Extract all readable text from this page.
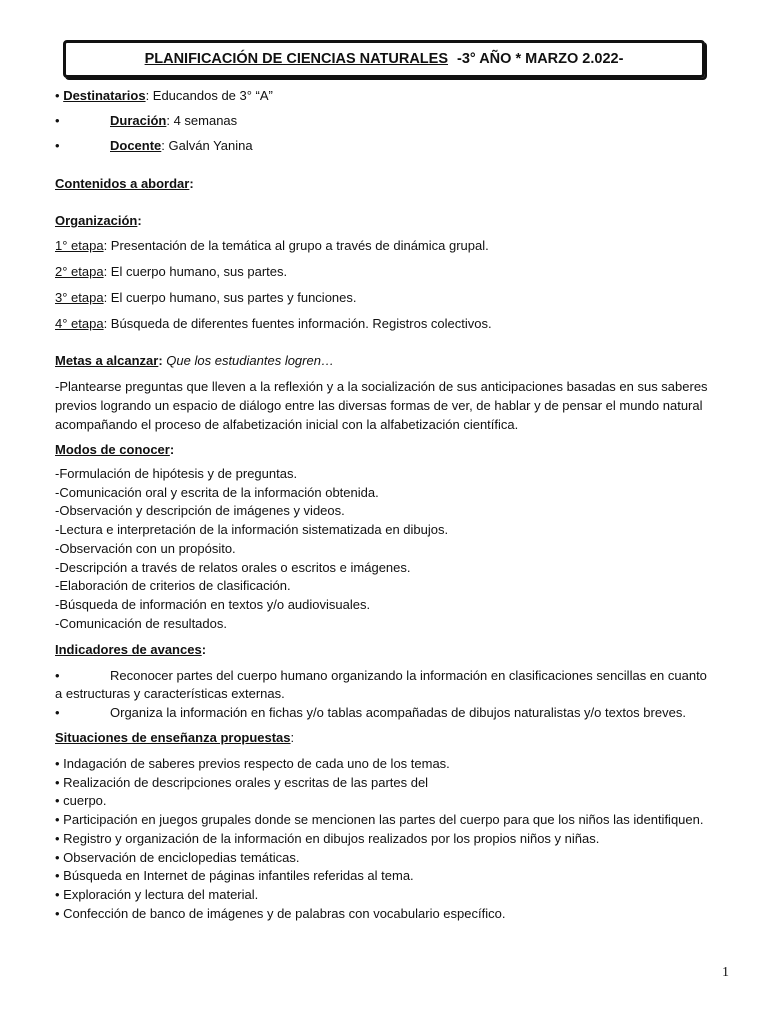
PLANIFICACIÓN DE CIENCIAS NATURALES -3° AÑO * MARZO 2.022-
• Destinatarios: Educandos de 3° “A”
•	Duración: 4 semanas
•	Docente: Galván Yanina
Contenidos a abordar:
Organización:
1° etapa: Presentación de la temática al grupo a través de dinámica grupal.
2° etapa: El cuerpo humano, sus partes.
3° etapa: El cuerpo humano, sus partes y funciones.
4° etapa: Búsqueda de diferentes fuentes información. Registros colectivos.
Metas a alcanzar: Que los estudiantes logren…
-Plantearse preguntas que lleven a la reflexión y a la socialización de sus anticipaciones basadas en sus saberes previos logrando un espacio de diálogo entre las diversas formas de ver, de hablar y de pensar el mundo natural acompañando el proceso de alfabetización inicial con la alfabetización científica.
Modos de conocer:
-Formulación de hipótesis y de preguntas.
-Comunicación oral y escrita de la información obtenida.
-Observación y descripción de imágenes y videos.
-Lectura e interpretación de la información sistematizada en dibujos.
-Observación con un propósito.
-Descripción a través de relatos orales o escritos e imágenes.
-Elaboración de criterios de clasificación.
-Búsqueda de información en textos y/o audiovisuales.
-Comunicación de resultados.
Indicadores de avances:
•	Reconocer partes del cuerpo humano organizando la información en clasificaciones sencillas en cuanto a estructuras y características externas.
•	Organiza la información en fichas y/o tablas acompañadas de dibujos naturalistas y/o textos breves.
Situaciones de enseñanza propuestas:
• Indagación de saberes previos respecto de cada uno de los temas.
• Realización de descripciones orales y escritas de las partes del
• cuerpo.
• Participación en juegos grupales donde se mencionen las partes del cuerpo para que los niños las identifiquen.
• Registro y organización de la información en dibujos realizados por los propios niños y niñas.
• Observación de enciclopedias temáticas.
• Búsqueda en Internet de páginas infantiles referidas al tema.
• Exploración y lectura del material.
• Confección de banco de imágenes y de palabras con vocabulario específico.
1
